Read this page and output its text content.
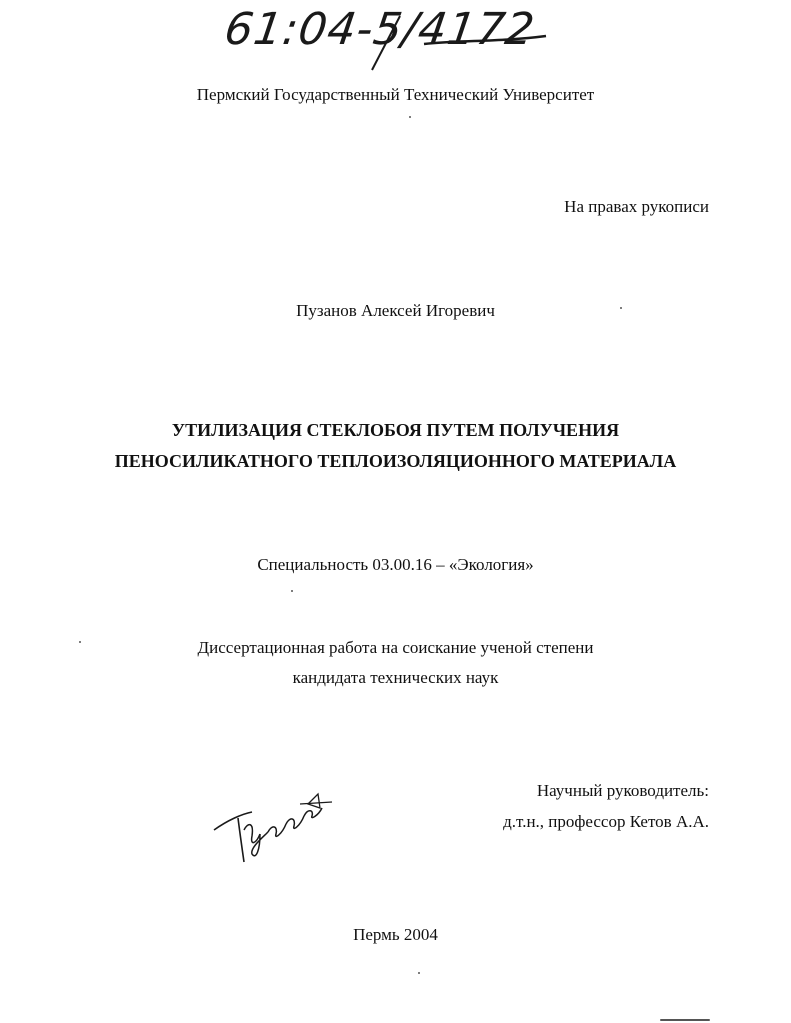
61:04-5/4172
Пермский Государственный Технический Университет
На правах рукописи
Пузанов Алексей Игоревич
УТИЛИЗАЦИЯ СТЕКЛОБОЯ ПУТЕМ ПОЛУЧЕНИЯ
ПЕНОСИЛИКАТНОГО ТЕПЛОИЗОЛЯЦИОННОГО МАТЕРИАЛА
Специальность 03.00.16 – «Экология»
Диссертационная работа на соискание ученой степени
кандидата технических наук
Научный руководитель:
д.т.н., профессор Кетов А.А.
Пермь 2004
